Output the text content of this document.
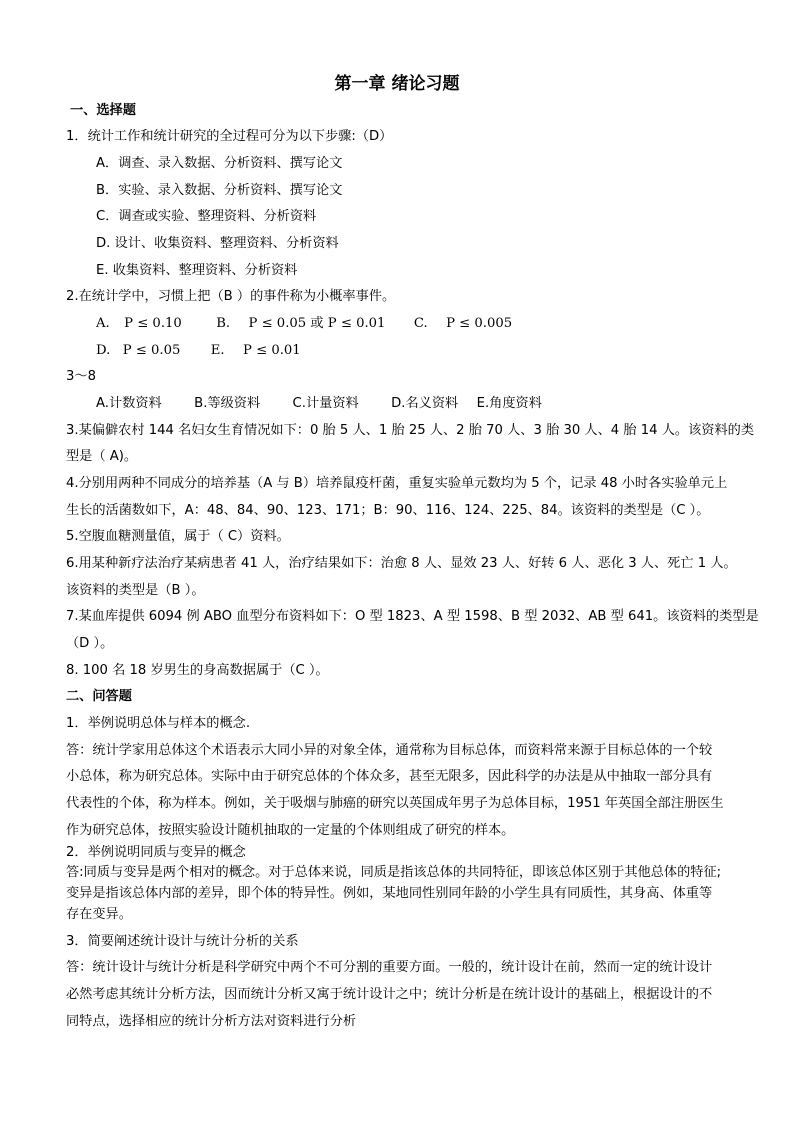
第一章 绪论习题
一、选择题
1．统计工作和统计研究的全过程可分为以下步骤:（D）
A．调查、录入数据、分析资料、撰写论文
B．实验、录入数据、分析资料、撰写论文
C．调查或实验、整理资料、分析资料
D. 设计、收集资料、整理资料、分析资料
E. 收集资料、整理资料、分析资料
2.在统计学中，习惯上把（B ）的事件称为小概率事件。
A. P ≤ 0.10	B. P ≤ 0.05 或 P ≤ 0.01 C. P ≤ 0.005
D. P ≤ 0.05 E. P ≤ 0.01
3～8
A.计数资料 B.等级资料 C.计量资料 D.名义资料 E.角度资料
3.某偏僻农村 144 名妇女生育情况如下：0 胎 5 人、1 胎 25 人、2 胎 70 人、3 胎 30 人、4 胎 14 人。该资料的类
型是（ A)。
4.分别用两种不同成分的培养基（A 与 B）培养鼠疫杆菌，重复实验单元数均为 5 个，记录 48 小时各实验单元上
生长的活菌数如下，A：48、84、90、123、171；B：90、116、124、225、84。该资料的类型是（C ）。
5.空腹血糖测量值，属于（ C）资料。
6.用某种新疗法治疗某病患者 41 人，治疗结果如下：治愈 8 人、显效 23 人、好转 6 人、恶化 3 人、死亡 1 人。
该资料的类型是（B ）。
7.某血库提供 6094 例 ABO 血型分布资料如下：O 型 1823、A 型 1598、B 型 2032、AB 型 641。该资料的类型是
（D ）。
8. 100 名 18 岁男生的身高数据属于（C ）。
二、问答题
1．举例说明总体与样本的概念.
答：统计学家用总体这个术语表示大同小异的对象全体，通常称为目标总体，而资料常来源于目标总体的一个较
小总体，称为研究总体。实际中由于研究总体的个体众多，甚至无限多，因此科学的办法是从中抽取一部分具有
代表性的个体，称为样本。例如，关于吸烟与肺癌的研究以英国成年男子为总体目标，1951 年英国全部注册医生
作为研究总体，按照实验设计随机抽取的一定量的个体则组成了研究的样本。
2．举例说明同质与变异的概念
答:同质与变异是两个相对的概念。对于总体来说，同质是指该总体的共同特征，即该总体区别于其他总体的特征;
变异是指该总体内部的差异，即个体的特异性。例如，某地同性别同年龄的小学生具有同质性，其身高、体重等
存在变异。
3．简要阐述统计设计与统计分析的关系
答：统计设计与统计分析是科学研究中两个不可分割的重要方面。一般的，统计设计在前，然而一定的统计设计
必然考虑其统计分析方法，因而统计分析又寓于统计设计之中；统计分析是在统计设计的基础上，根据设计的不
同特点，选择相应的统计分析方法对资料进行分析
